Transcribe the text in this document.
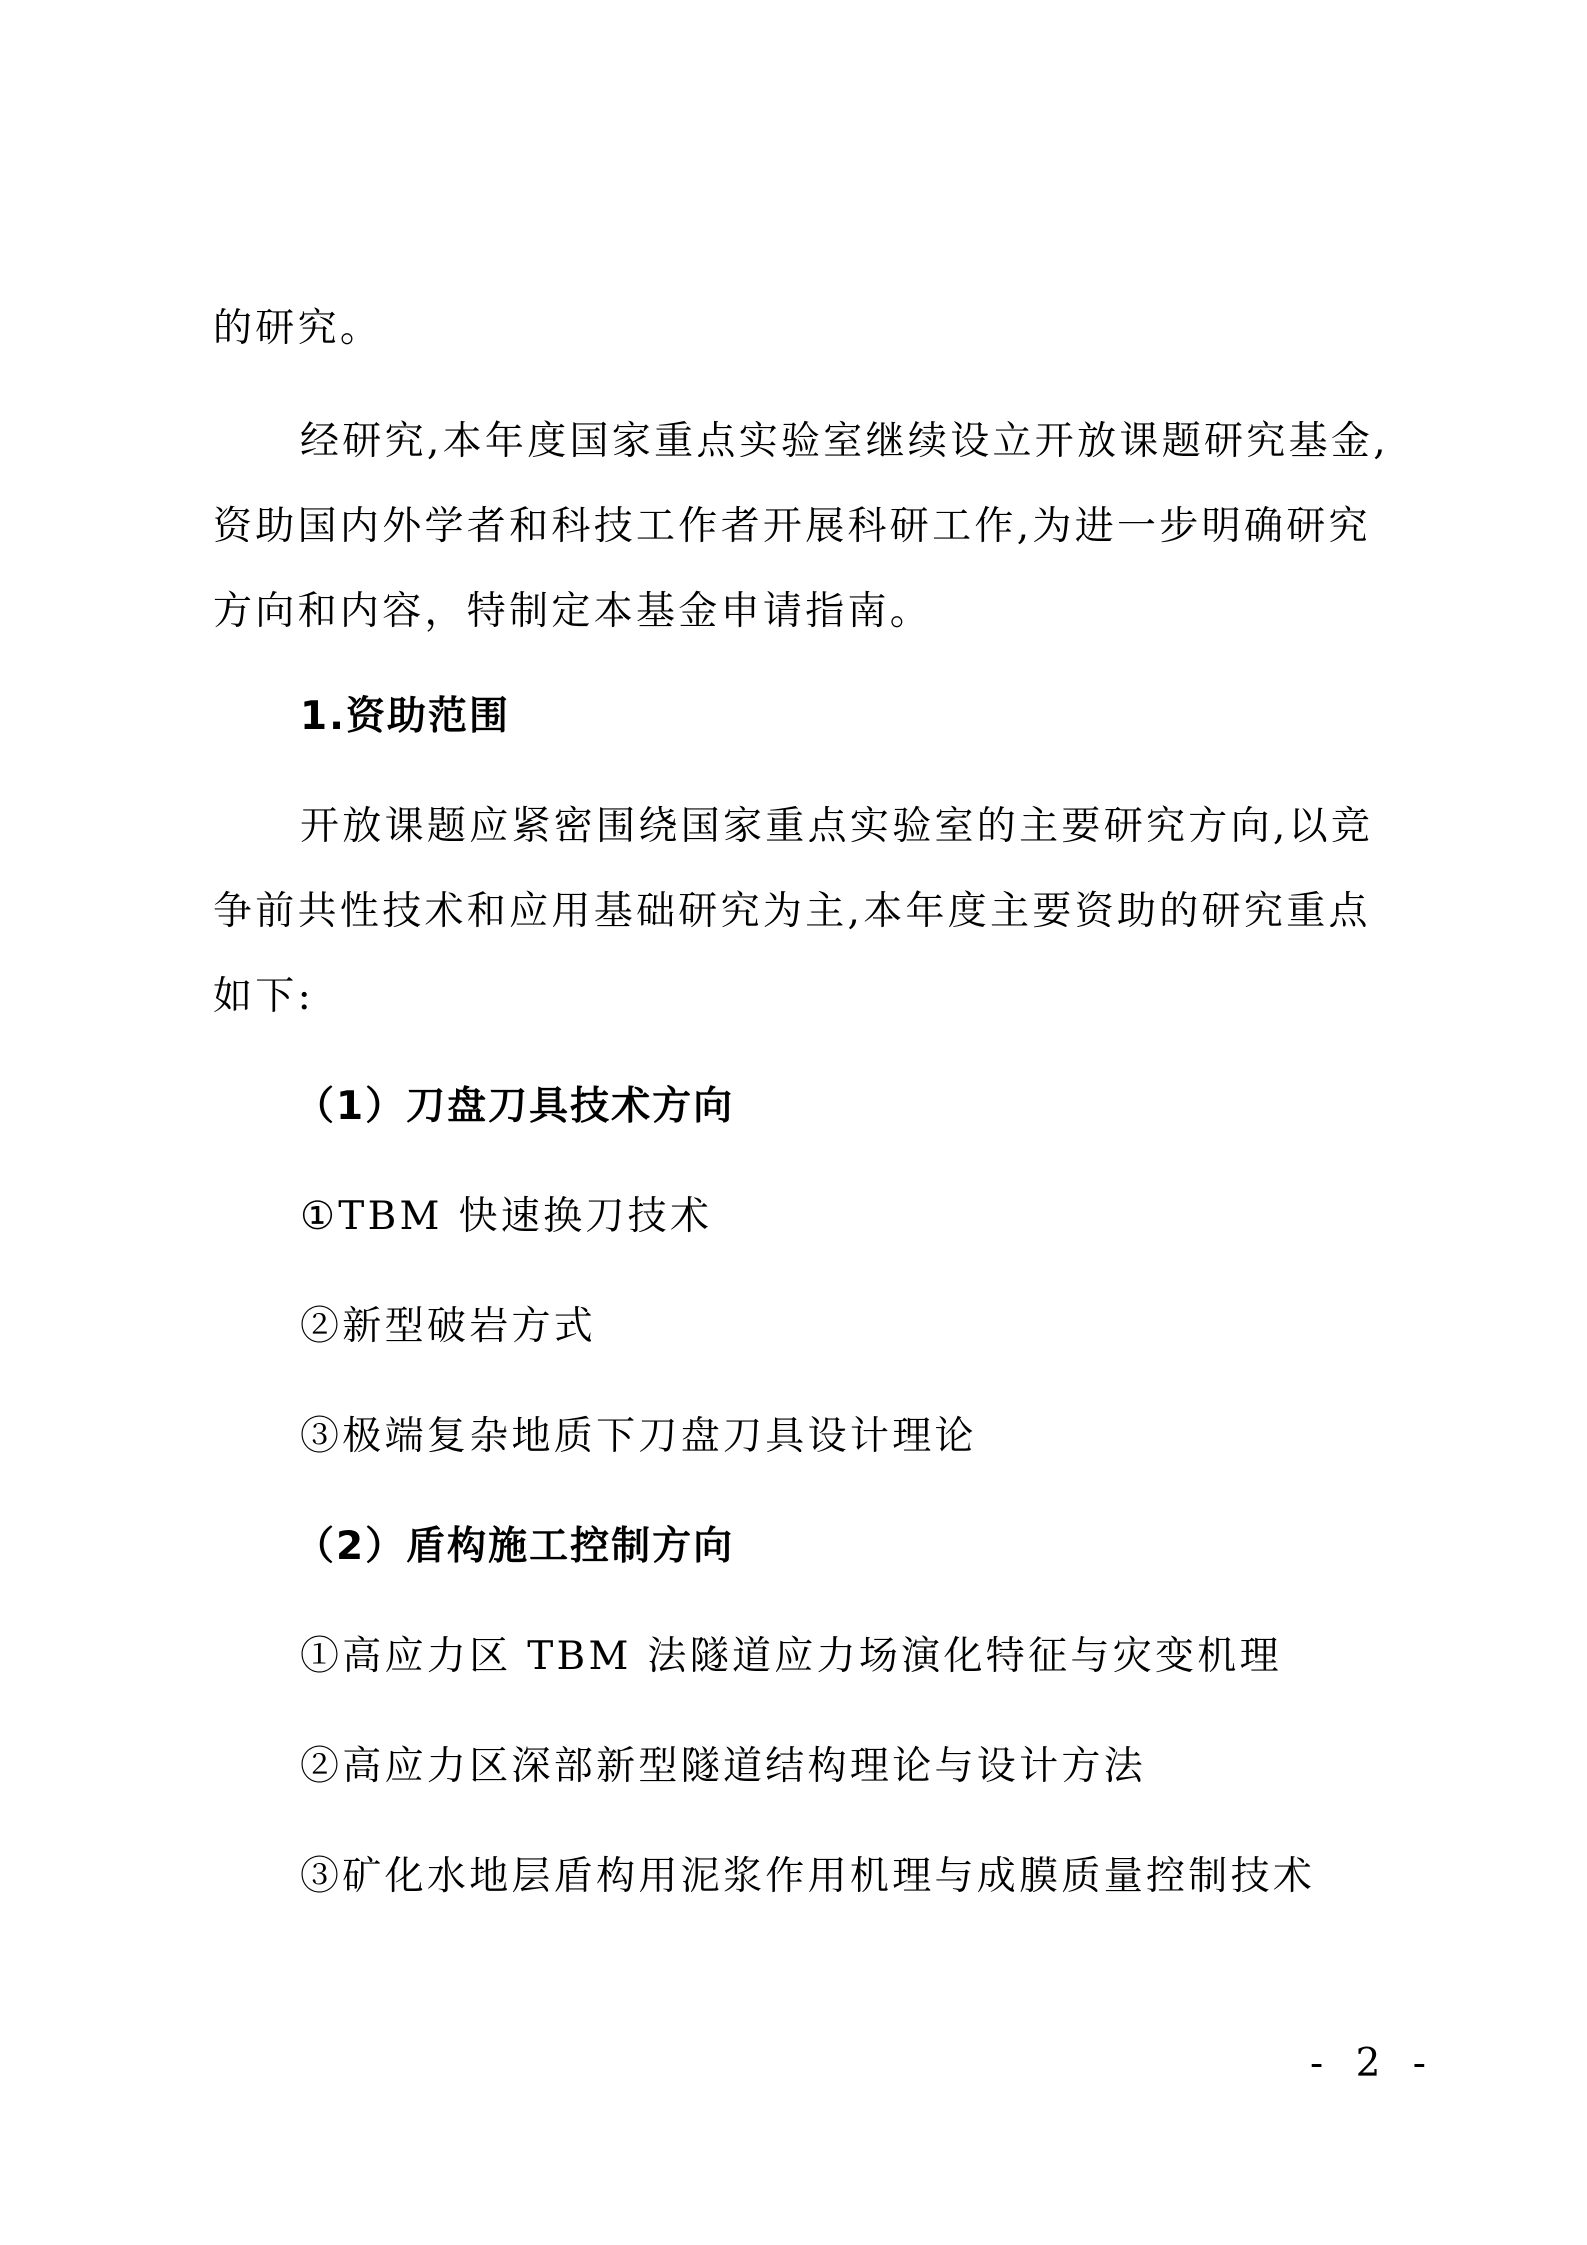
的研究。
经研究,本年度国家重点实验室继续设立开放课题研究基金,
资助国内外学者和科技工作者开展科研工作,为进一步明确研究
方向和内容，特制定本基金申请指南。
1.资助范围
开放课题应紧密围绕国家重点实验室的主要研究方向,以竞
争前共性技术和应用基础研究为主,本年度主要资助的研究重点
如下:
（1）刀盘刀具技术方向
①TBM 快速换刀技术
②新型破岩方式
③极端复杂地质下刀盘刀具设计理论
（2）盾构施工控制方向
①高应力区 TBM 法隧道应力场演化特征与灾变机理
②高应力区深部新型隧道结构理论与设计方法
③矿化水地层盾构用泥浆作用机理与成膜质量控制技术
- 2 -
